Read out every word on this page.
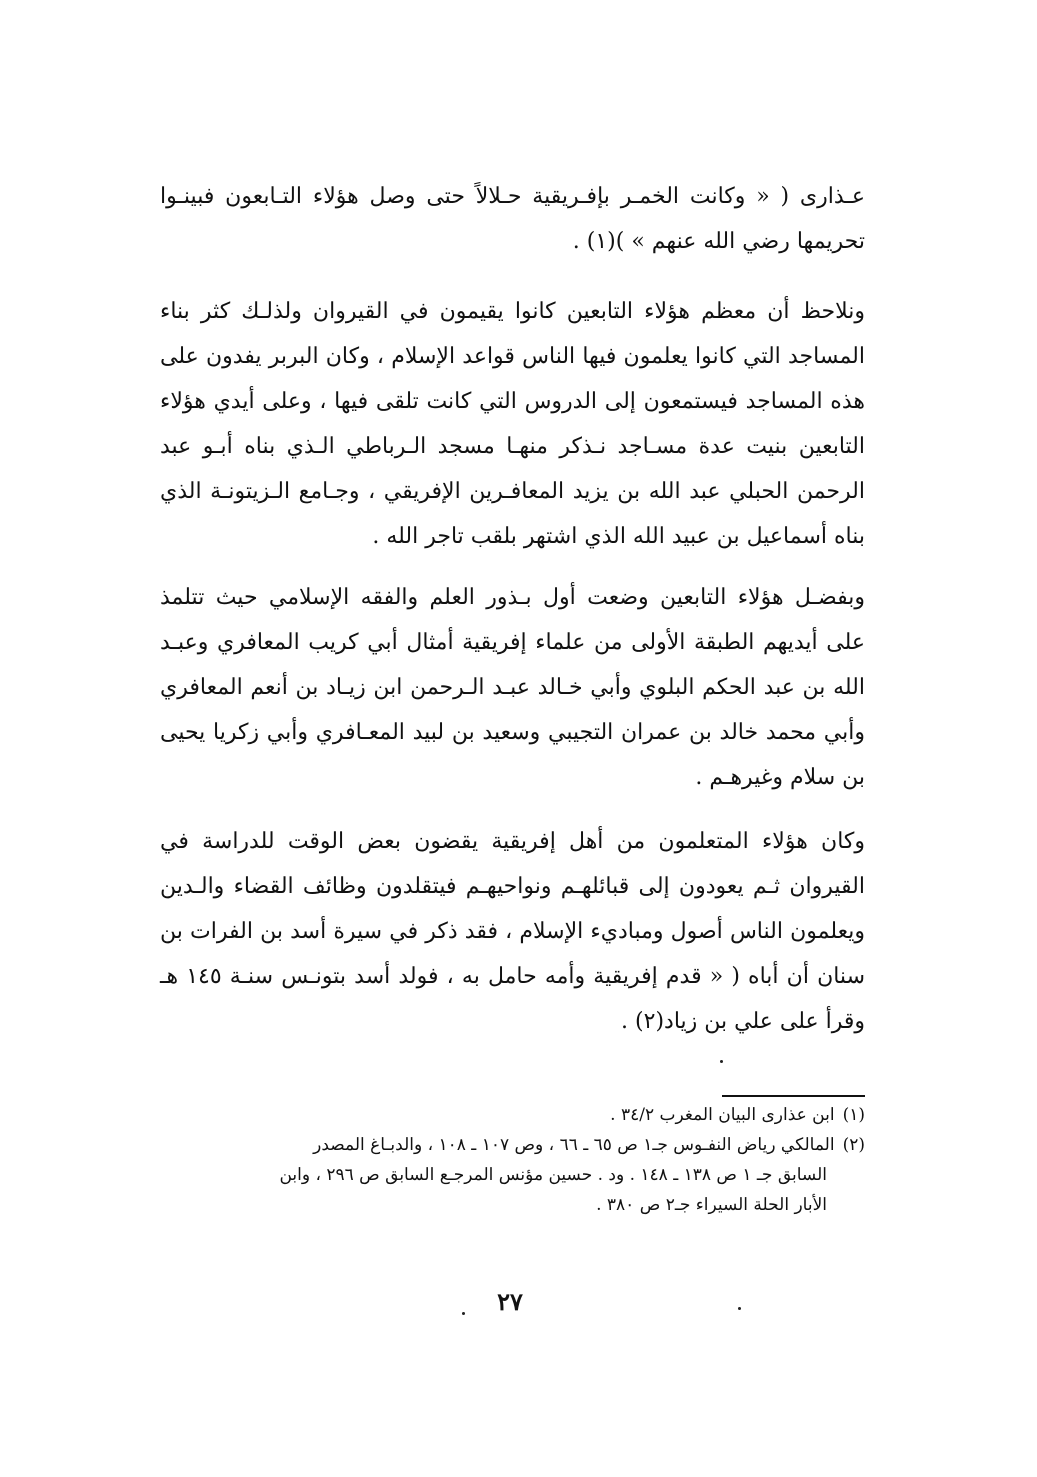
عـذارى ( « وكانت الخمـر بإفـريقية حـلالاً حتى وصل هؤلاء التـابعون فبينـوا تحريمها رضي الله عنهم » )(١) .

ونلاحظ أن معظم هؤلاء التابعين كانوا يقيمون في القيروان ولذلـك كثر بناء المساجد التي كانوا يعلمون فيها الناس قواعد الإسلام ، وكان البربر يفدون على هذه المساجد فيستمعون إلى الدروس التي كانت تلقى فيها ، وعلى أيدي هؤلاء التابعين بنيت عدة مسـاجد نـذكر منهـا مسجد الـرباطي الـذي بناه أبـو عبد الرحمن الحبلي عبد الله بن يزيد المعافـرين الإفريقي ، وجـامع الـزيتونـة الذي بناه أسماعيل بن عبيد الله الذي اشتهر بلقب تاجر الله .

وبفضـل هؤلاء التابعين وضعت أول بـذور العلم والفقه الإسلامي حيث تتلمذ على أيديهم الطبقة الأولى من علماء إفريقية أمثال أبي كريب المعافري وعبـد الله بن عبد الحكم البلوي وأبي خـالد عبـد الـرحمن ابن زيـاد بن أنعم المعافري وأبي محمد خالد بن عمران التجيبي وسعيد بن لبيد المعـافري وأبي زكريا يحيى بن سلام وغيرهـم .

وكان هؤلاء المتعلمون من أهل إفريقية يقضون بعض الوقت للدراسة في القيروان ثـم يعودون إلى قبائلهـم ونواحيهـم فيتقلدون وظائف القضاء والـدين ويعلمون الناس أصول ومباديء الإسلام ، فقد ذكر في سيرة أسد بن الفرات بن سنان أن أباه ( « قدم إفريقية وأمه حامل به ، فولد أسد بتونـس سنـة ١٤٥ هـ وقرأ على علي بن زياد(٢) .

(١)ابن عذارى البيان المغرب ٣٤/٢ .
(٢)المالكي رياض النفـوس جـ١ ص ٦٥ ـ ٦٦ ، وص ١٠٧ ـ ١٠٨ ، والدبـاغ المصدر
السابق جـ ١ ص ١٣٨ ـ ١٤٨ . ود . حسين مؤنس المرجـع السابق ص ٢٩٦ ، وابن
الأبار الحلة السيراء جـ٢ ص ٣٨٠ .
٢٧
